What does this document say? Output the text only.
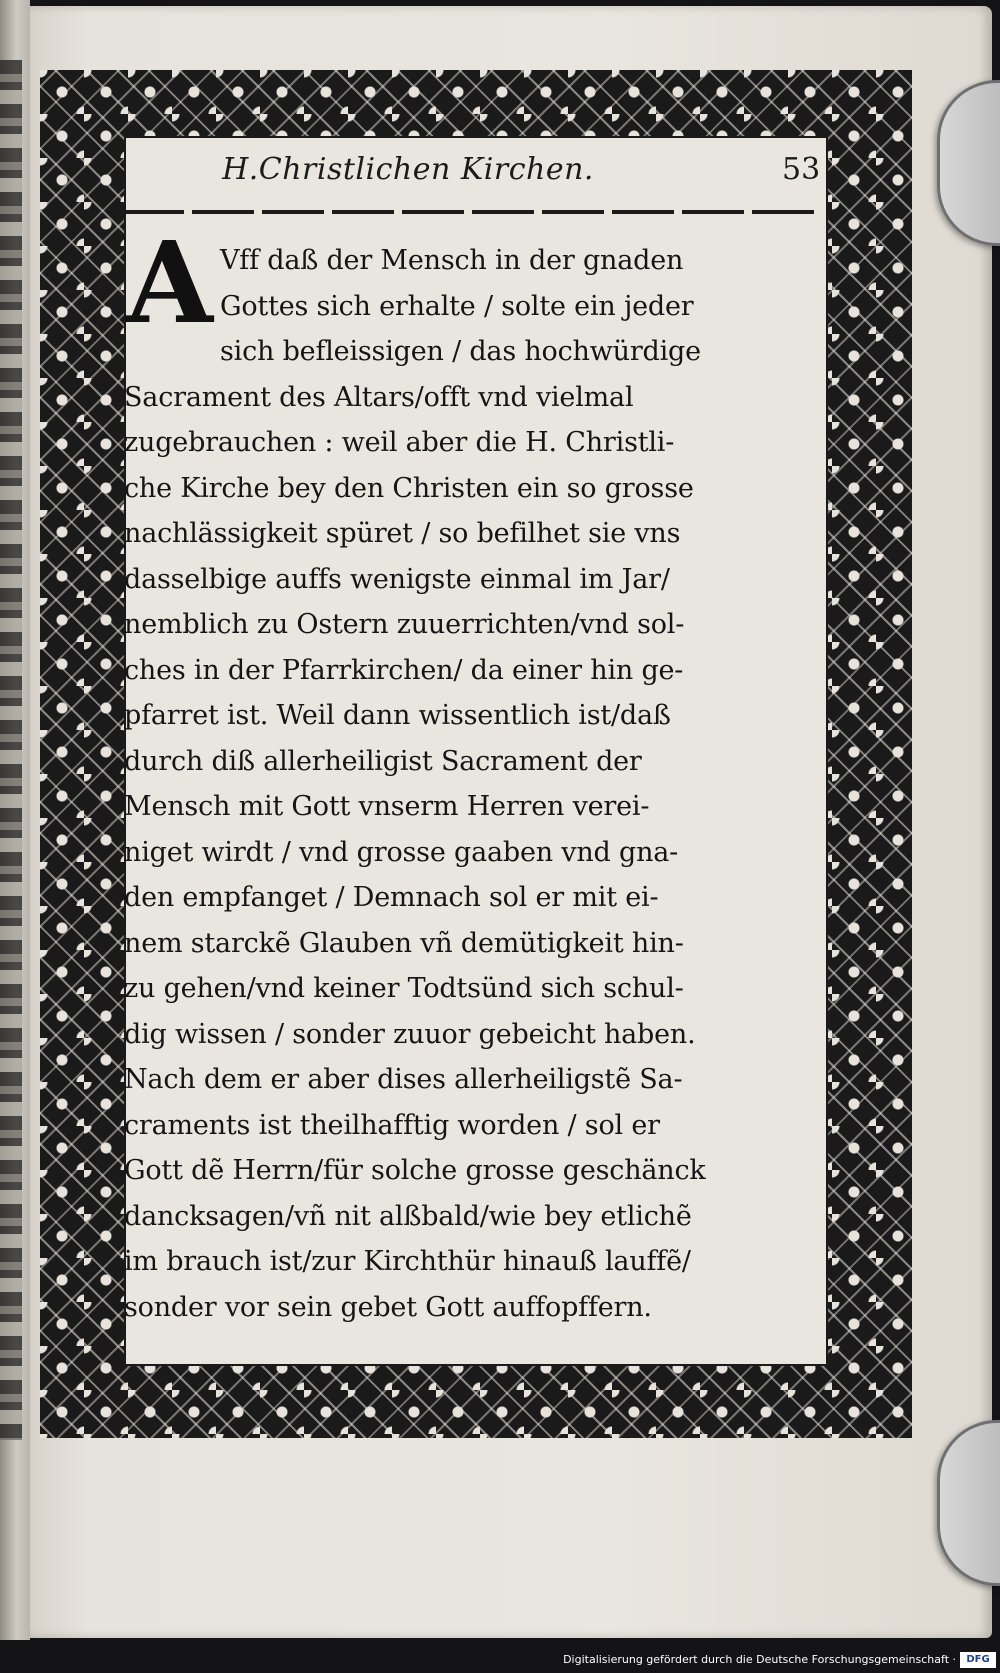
H.Christlichen Kirchen.	53
A Vff daß der Mensch in der gnaden
Gottes sich erhalte / solte ein jeder
sich befleissigen / das hochwürdige
Sacrament des Altars/offt vnd vielmal
zugebrauchen : weil aber die H. Christli-
che Kirche bey den Christen ein so grosse
nachlässigkeit spüret / so befilhet sie vns
dasselbige auffs wenigste einmal im Jar/
nemblich zu Ostern zuuerrichten/vnd sol-
ches in der Pfarrkirchen/ da einer hin ge-
pfarret ist. Weil dann wissentlich ist/daß
durch diß allerheiligist Sacrament der
Mensch mit Gott vnserm Herren verei-
niget wirdt / vnd grosse gaaben vnd gna-
den empfanget / Demnach sol er mit ei-
nem starckẽ Glauben vñ demütigkeit hin-
zu gehen/vnd keiner Todtsünd sich schul-
dig wissen / sonder zuuor gebeicht haben.
Nach dem er aber dises allerheiligstẽ Sa-
craments ist theilhafftig worden / sol er
Gott dẽ Herrn/für solche grosse geschänck
dancksagen/vñ nit alßbald/wie bey etlichẽ
im brauch ist/zur Kirchthür hinauß lauffẽ/
sonder vor sein gebet Gott auffopffern.
Digitalisierung gefördert durch die Deutsche Forschungsgemeinschaft ·	DFG
